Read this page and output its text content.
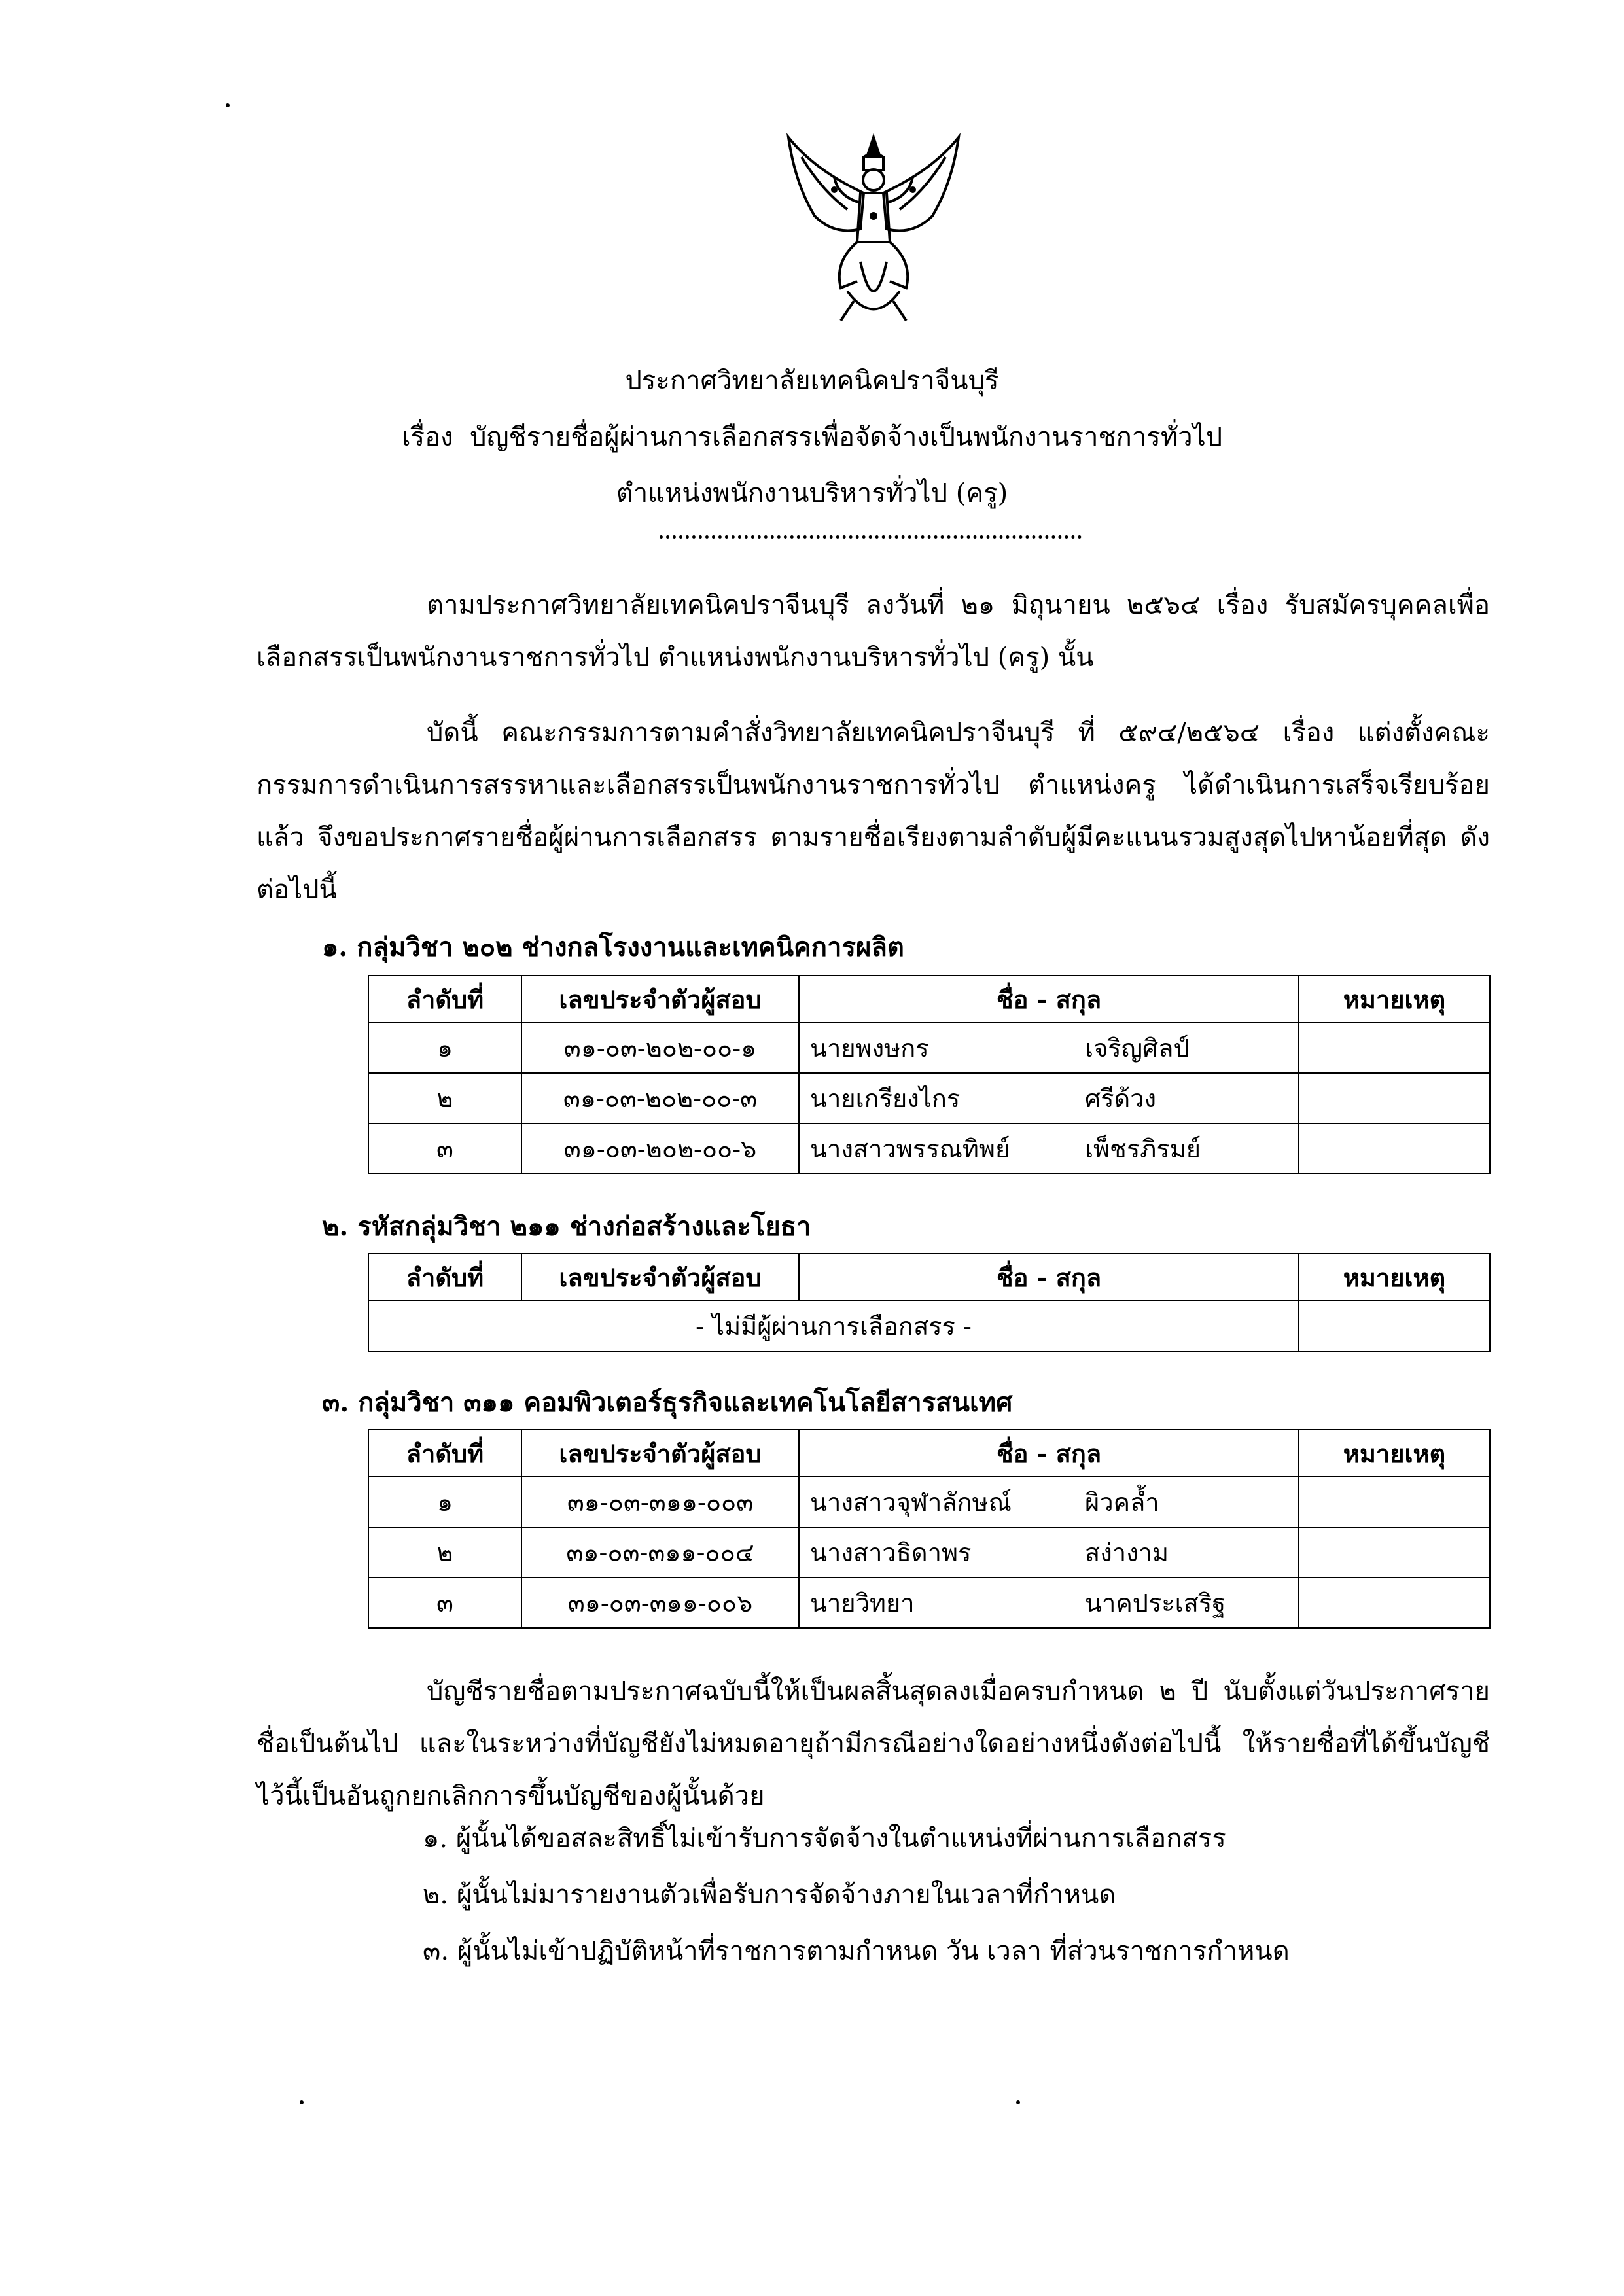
ประกาศวิทยาลัยเทคนิคปราจีนบุรี
เรื่อง บัญชีรายชื่อผู้ผ่านการเลือกสรรเพื่อจัดจ้างเป็นพนักงานราชการทั่วไป
ตำแหน่งพนักงานบริหารทั่วไป (ครู)
ตามประกาศวิทยาลัยเทคนิคปราจีนบุรี ลงวันที่ ๒๑ มิถุนายน ๒๕๖๔ เรื่อง รับสมัครบุคคลเพื่อเลือกสรรเป็นพนักงานราชการทั่วไป ตำแหน่งพนักงานบริหารทั่วไป (ครู) นั้น
บัดนี้ คณะกรรมการตามคำสั่งวิทยาลัยเทคนิคปราจีนบุรี ที่ ๕๙๔/๒๕๖๔ เรื่อง แต่งตั้งคณะกรรมการดำเนินการสรรหาและเลือกสรรเป็นพนักงานราชการทั่วไป ตำแหน่งครู ได้ดำเนินการเสร็จเรียบร้อยแล้ว จึงขอประกาศรายชื่อผู้ผ่านการเลือกสรร ตามรายชื่อเรียงตามลำดับผู้มีคะแนนรวมสูงสุดไปหาน้อยที่สุด ดังต่อไปนี้
๑. กลุ่มวิชา ๒๐๒ ช่างกลโรงงานและเทคนิคการผลิต
ลำดับที่	เลขประจำตัวผู้สอบ	ชื่อ - สกุล	หมายเหตุ
๑	๓๑-๐๓-๒๐๒-๐๐-๑	นายพงษกร เจริญศิลป์	

๒	๓๑-๐๓-๒๐๒-๐๐-๓	นายเกรียงไกร ศรีด้วง	

๓	๓๑-๐๓-๒๐๒-๐๐-๖	นางสาวพรรณทิพย์ เพ็ชรภิรมย์	

๒. รหัสกลุ่มวิชา ๒๑๑ ช่างก่อสร้างและโยธา
ลำดับที่	เลขประจำตัวผู้สอบ	ชื่อ - สกุล	หมายเหตุ
- ไม่มีผู้ผ่านการเลือกสรร -			
๓. กลุ่มวิชา ๓๑๑ คอมพิวเตอร์ธุรกิจและเทคโนโลยีสารสนเทศ
ลำดับที่	เลขประจำตัวผู้สอบ	ชื่อ - สกุล	หมายเหตุ
๑	๓๑-๐๓-๓๑๑-๐๐๓	นางสาวจุฬาลักษณ์ ผิวคล้ำ	

๒	๓๑-๐๓-๓๑๑-๐๐๔	นางสาวธิดาพร สง่างาม	

๓	๓๑-๐๓-๓๑๑-๐๐๖	นายวิทยา นาคประเสริฐ	

บัญชีรายชื่อตามประกาศฉบับนี้ให้เป็นผลสิ้นสุดลงเมื่อครบกำหนด ๒ ปี นับตั้งแต่วันประกาศรายชื่อเป็นต้นไป และในระหว่างที่บัญชียังไม่หมดอายุถ้ามีกรณีอย่างใดอย่างหนึ่งดังต่อไปนี้ ให้รายชื่อที่ได้ขึ้นบัญชีไว้นี้เป็นอันถูกยกเลิกการขึ้นบัญชีของผู้นั้นด้วย
๑. ผู้นั้นได้ขอสละสิทธิ์ไม่เข้ารับการจัดจ้างในตำแหน่งที่ผ่านการเลือกสรร
๒. ผู้นั้นไม่มารายงานตัวเพื่อรับการจัดจ้างภายในเวลาที่กำหนด
๓. ผู้นั้นไม่เข้าปฏิบัติหน้าที่ราชการตามกำหนด วัน เวลา ที่ส่วนราชการกำหนด
